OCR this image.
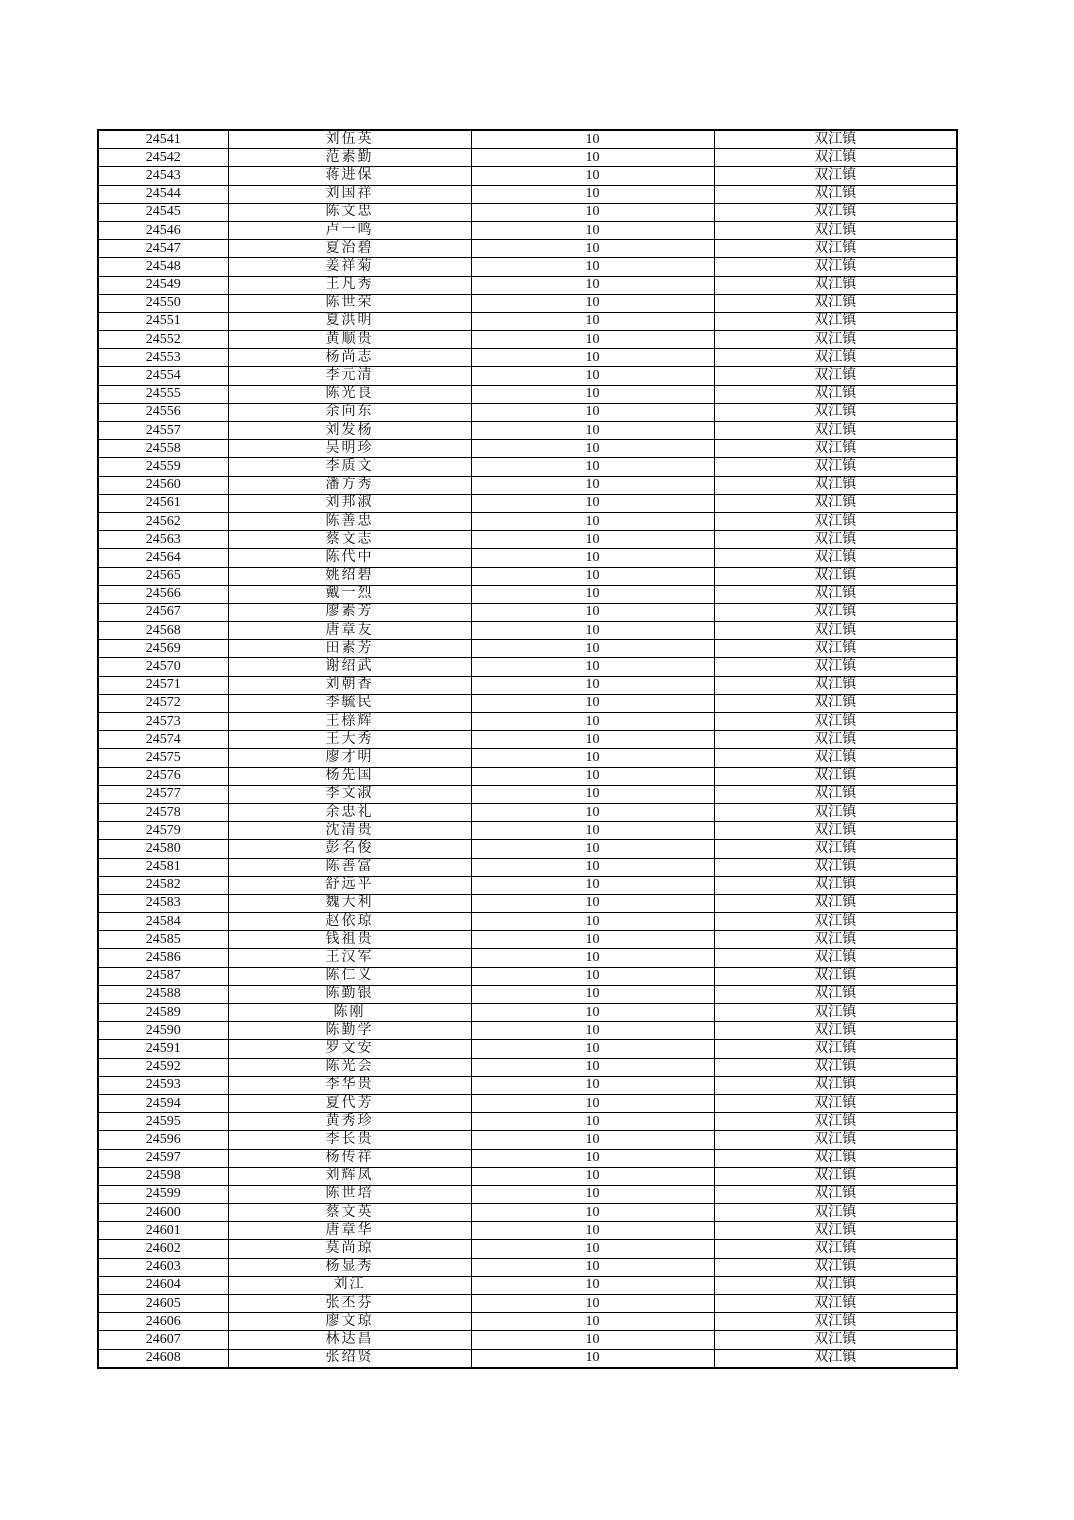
24541	刘伍英	10	双江镇
24542	范素勤	10	双江镇
24543	蒋进保	10	双江镇
24544	刘国祥	10	双江镇
24545	陈文忠	10	双江镇
24546	卢一鸣	10	双江镇
24547	夏治碧	10	双江镇
24548	姜祥菊	10	双江镇
24549	王凡秀	10	双江镇
24550	陈世荣	10	双江镇
24551	夏洪明	10	双江镇
24552	黄顺贵	10	双江镇
24553	杨尚志	10	双江镇
24554	李元清	10	双江镇
24555	陈光良	10	双江镇
24556	余向东	10	双江镇
24557	刘发杨	10	双江镇
24558	吴明珍	10	双江镇
24559	李质文	10	双江镇
24560	潘方秀	10	双江镇
24561	刘邦淑	10	双江镇
24562	陈善忠	10	双江镇
24563	蔡文志	10	双江镇
24564	陈代中	10	双江镇
24565	姚绍碧	10	双江镇
24566	戴一烈	10	双江镇
24567	廖素芳	10	双江镇
24568	唐章友	10	双江镇
24569	田素芳	10	双江镇
24570	谢绍武	10	双江镇
24571	刘朝香	10	双江镇
24572	李毓民	10	双江镇
24573	王榇辉	10	双江镇
24574	王大秀	10	双江镇
24575	廖才明	10	双江镇
24576	杨先国	10	双江镇
24577	李文淑	10	双江镇
24578	余忠礼	10	双江镇
24579	沈清贵	10	双江镇
24580	彭名俊	10	双江镇
24581	陈善富	10	双江镇
24582	舒远平	10	双江镇
24583	魏大利	10	双江镇
24584	赵依琼	10	双江镇
24585	钱祖贵	10	双江镇
24586	王汉军	10	双江镇
24587	陈仁义	10	双江镇
24588	陈勤银	10	双江镇
24589	陈刚	10	双江镇
24590	陈勤学	10	双江镇
24591	罗文安	10	双江镇
24592	陈光会	10	双江镇
24593	李华贵	10	双江镇
24594	夏代芳	10	双江镇
24595	黄秀珍	10	双江镇
24596	李长贵	10	双江镇
24597	杨传祥	10	双江镇
24598	刘辉凤	10	双江镇
24599	陈世培	10	双江镇
24600	蔡文英	10	双江镇
24601	唐章华	10	双江镇
24602	莫尚琼	10	双江镇
24603	杨显秀	10	双江镇
24604	刘江	10	双江镇
24605	张丕芬	10	双江镇
24606	廖文琼	10	双江镇
24607	林达昌	10	双江镇
24608	张绍贤	10	双江镇
